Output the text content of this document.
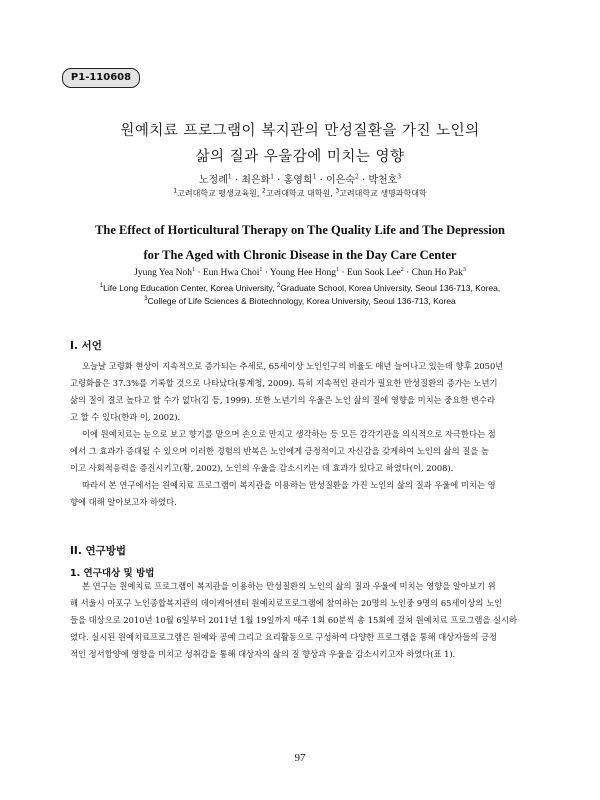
P1-110608
원예치료 프로그램이 복지관의 만성질환을 가진 노인의
삶의 질과 우울감에 미치는 영향
노정례$^1$ · 최은화$^1$ · 홍영희$^1$ · 이은숙$^2$ · 박천호$^3$
$^1$고려대학교 평생교육원, $^2$고려대학교 대학원, $^3$고려대학교 생명과학대학
The Effect of Horticultural Therapy on The Quality Life and The Depression
for The Aged with Chronic Disease in the Day Care Center
Jyung Yea Noh$^1$ · Eun Hwa Choi$^1$ · Young Hee Hong$^1$ · Eun Sook Lee$^2$ · Chun Ho Pak$^3$
$^1$Life Long Education Center, Korea University, $^2$Graduate School, Korea University, Seoul 136-713, Korea,
$^3$College of Life Sciences & Biotechnology, Korea University, Seoul 136-713, Korea
I. 서언
오늘날 고령화 현상이 지속적으로 증가되는 추세로, 65세이상 노인인구의 비율도 매년 늘어나고 있는데 향후 2050년
고령화율은 37.3%를 기록할 것으로 나타났다(통계청, 2009). 특히 지속적인 관리가 필요한 만성질환의 증가는 노년기
삶의 질이 결코 높다고 할 수가 없다(김 등, 1999). 또한 노년기의 우울은 노인 삶의 질에 영향을 미치는 중요한 변수라
고 할 수 있다(한과 이, 2002).
이에 원예치료는 눈으로 보고 향기를 맡으며 손으로 만지고 생각하는 등 모든 감각기관을 의식적으로 자극한다는 점
에서 그 효과가 증대될 수 있으며 이러한 경험의 반복은 노인에게 긍정적이고 자신감을 갖게하여 노인의 삶의 질을 높
이고 사회적응력을 증진시키고(황, 2002), 노인의 우울을 감소시키는 데 효과가 있다고 하였다(이, 2008).
따라서 본 연구에서는 원예치료 프로그램이 복지관을 이용하는 만성질환을 가진 노인의 삶의 질과 우울에 미치는 영
향에 대해 알아보고자 하였다.
II. 연구방법
1. 연구대상 및 방법
본 연구는 원예치료 프로그램이 복지관을 이용하는 만성질환의 노인의 삶의 질과 우울에 미치는 영향을 알아보기 위
해 서울시 마포구 노인종합복지관의 데이케어센터 원예치료프로그램에 참여하는 20명의 노인중 9명의 65세이상의 노인
들을 대상으로 2010년 10월 6일부터 2011년 1월 19일까지 매주 1회 60분씩 총 15회에 걸쳐 원예치료 프로그램을 실시하
였다. 실시된 원예치료프로그램은 원예와 공예 그리고 요리활동으로 구성하여 다양한 프로그램을 통해 대상자들의 긍정
적인 정서함양에 영향을 미치고 성취감을 통해 대상자의 삶의 질 향상과 우울을 감소시키고자 하였다(표 1).
97
